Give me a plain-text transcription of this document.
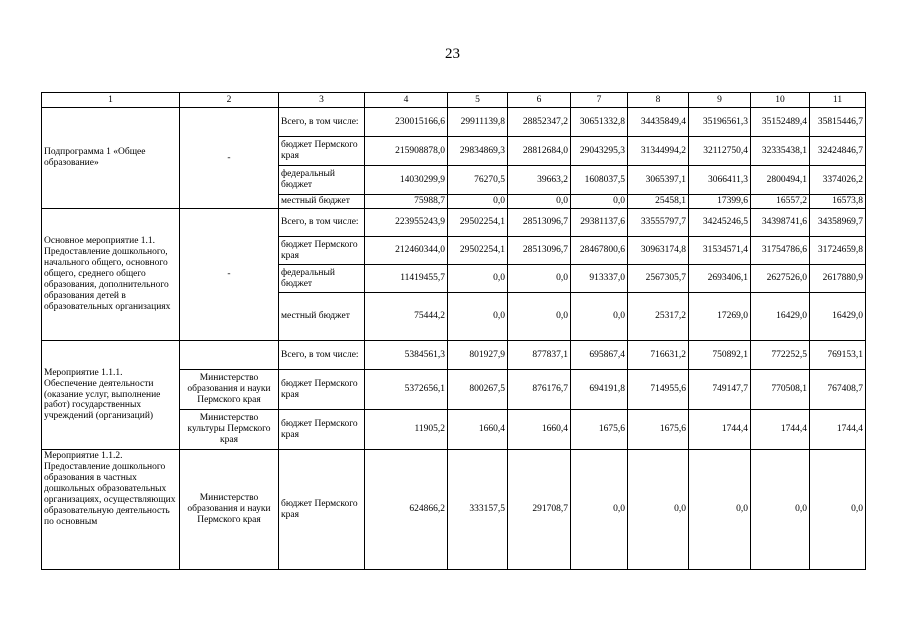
23
1	2	3	4	5	6	7	8	9	10	11
Подпрограмма 1 «Общее образование»	-	Всего, в том числе:	230015166,6	29911139,8	28852347,2	30651332,8	34435849,4	35196561,3	35152489,4	35815446,7
		бюджет Пермского края	215908878,0	29834869,3	28812684,0	29043295,3	31344994,2	32112750,4	32335438,1	32424846,7
		федеральный бюджет	14030299,9	76270,5	39663,2	1608037,5	3065397,1	3066411,3	2800494,1	3374026,2
		местный бюджет	75988,7	0,0	0,0	0,0	25458,1	17399,6	16557,2	16573,8
Основное мероприятие 1.1. Предоставление дошкольного, начального общего, основного общего, среднего общего образования, дополнительного образования детей в образовательных организациях	-	Всего, в том числе:	223955243,9	29502254,1	28513096,7	29381137,6	33555797,7	34245246,5	34398741,6	34358969,7
		бюджет Пермского края	212460344,0	29502254,1	28513096,7	28467800,6	30963174,8	31534571,4	31754786,6	31724659,8
		федеральный бюджет	11419455,7	0,0	0,0	913337,0	2567305,7	2693406,1	2627526,0	2617880,9
		местный бюджет	75444,2	0,0	0,0	0,0	25317,2	17269,0	16429,0	16429,0
Мероприятие 1.1.1. Обеспечение деятельности (оказание услуг, выполнение работ) государственных учреждений (организаций)		Всего, в том числе:	5384561,3	801927,9	877837,1	695867,4	716631,2	750892,1	772252,5	769153,1
	Министерство образования и науки Пермского края	бюджет Пермского края	5372656,1	800267,5	876176,7	694191,8	714955,6	749147,7	770508,1	767408,7
	Министерство культуры Пермского края	бюджет Пермского края	11905,2	1660,4	1660,4	1675,6	1675,6	1744,4	1744,4	1744,4
Мероприятие 1.1.2. Предоставление дошкольного образования в частных дошкольных образовательных организациях, осуществляющих образовательную деятельность по основным	Министерство образования и науки Пермского края	бюджет Пермского края	624866,2	333157,5	291708,7	0,0	0,0	0,0	0,0	0,0
